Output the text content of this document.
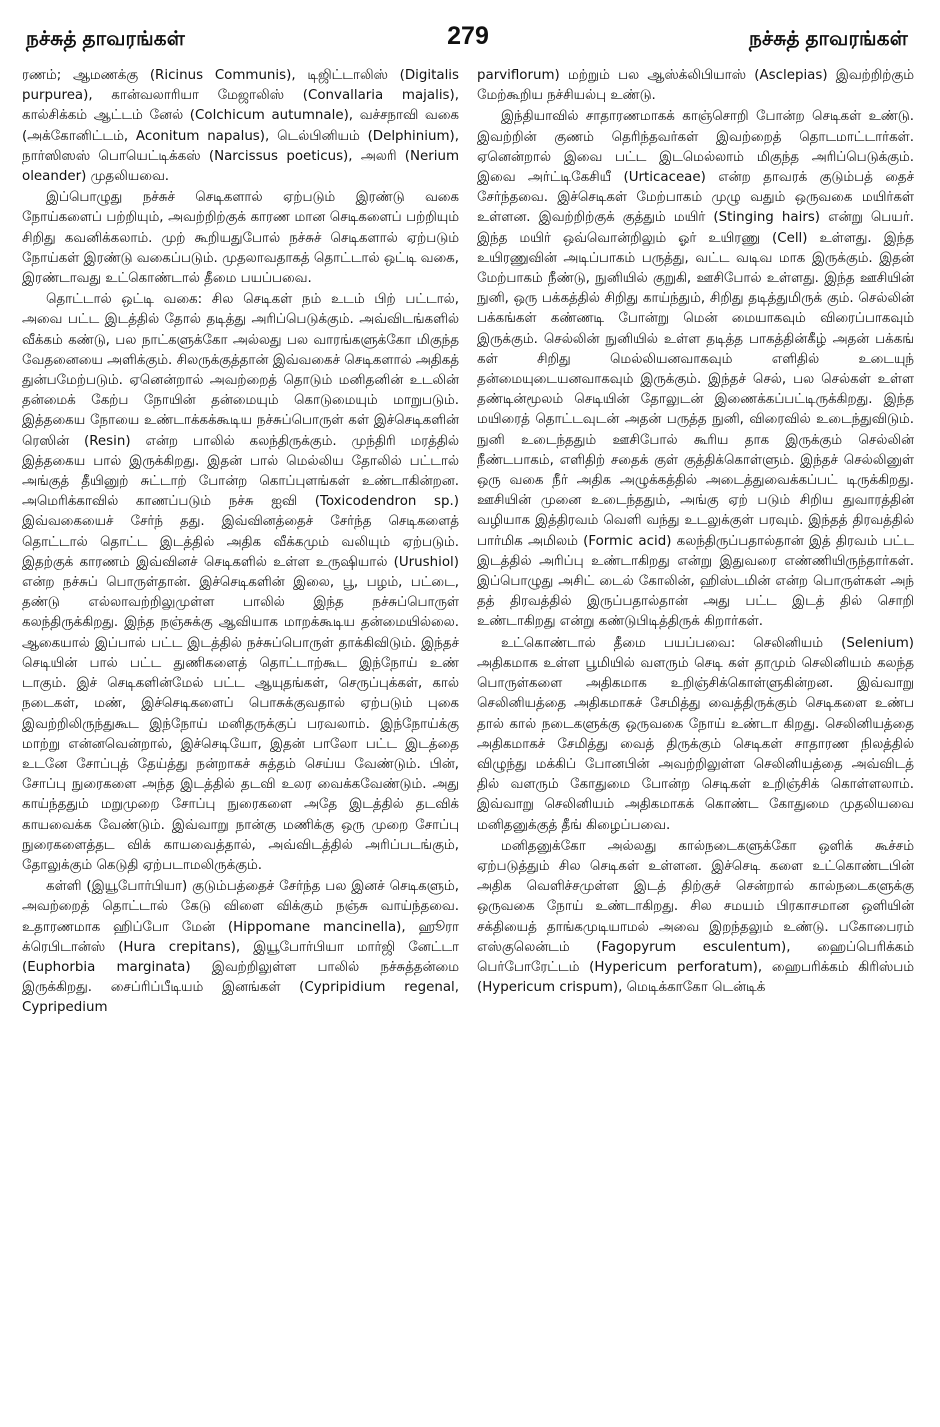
நச்சுத் தாவரங்கள்	279	நச்சுத் தாவரங்கள்

ரணம்; ஆமணக்கு (Ricinus Communis), டிஜிட்டாலிஸ் (Digitalis purpurea), கான்வலாரியா மேஜாலிஸ் (Convallaria majalis), கால்சிக்கம் ஆட்டம் னேல் (Colchicum autumnale), வச்சநாவி வகை (அக்கோனிட்டம், Aconitum napalus), டெல்பினியம் (Delphinium), நார்ஸிஸஸ் பொயெட்டிக்கஸ் (Narcissus poeticus), அலரி (Nerium oleander) முதலியவை.

இப்பொழுது நச்சுச் செடிகளால் ஏற்படும் இரண்டு வகை நோய்களைப் பற்றியும், அவற்றிற்குக் காரண மான செடிகளைப் பற்றியும் சிறிது கவனிக்கலாம். முற் கூறியதுபோல் நச்சுச் செடிகளால் ஏற்படும் நோய்கள் இரண்டு வகைப்படும். முதலாவதாகத் தொட்டால் ஒட்டி வகை, இரண்டாவது உட்கொண்டால் தீமை பயப்பவை.

தொட்டால் ஒட்டி வகை: சில செடிகள் நம் உடம் பிற் பட்டால், அவை பட்ட இடத்தில் தோல் தடித்து அரிப்பெடுக்கும். அவ்விடங்களில் வீக்கம் கண்டு, பல நாட்களுக்கோ அல்லது பல வாரங்களுக்கோ மிகுந்த வேதனையை அளிக்கும். சிலருக்குத்தான் இவ்வகைச் செடிகளால் அதிகத் துன்பமேற்படும். ஏனென்றால் அவற்றைத் தொடும் மனிதனின் உடலின் தன்மைக் கேற்ப நோயின் தன்மையும் கொடுமையும் மாறுபடும். இத்தகைய நோயை உண்டாக்கக்கூடிய நச்சுப்பொருள் கள் இச்செடிகளின் ரெஸின் (Resin) என்ற பாலில் கலந்திருக்கும். முந்திரி மரத்தில் இத்தகைய பால் இருக்கிறது. இதன் பால் மெல்லிய தோலில் பட்டால் அங்குத் தீயினுற் சுட்டாற் போன்ற கொப்புளங்கள் உண்டாகின்றன. அமெரிக்காவில் காணப்படும் நச்சு ஐவி (Toxicodendron sp.) இவ்வகையைச் சேர்ந் தது. இவ்வினத்தைச் சேர்ந்த செடிகளைத் தொட்டால் தொட்ட இடத்தில் அதிக வீக்கமும் வலியும் ஏற்படும். இதற்குக் காரணம் இவ்வினச் செடிகளில் உள்ள உருஷியால் (Urushiol) என்ற நச்சுப் பொருள்தான். இச்செடிகளின் இலை, பூ, பழம், பட்டை, தண்டு எல்லாவற்றிலுமுள்ள பாலில் இந்த நச்சுப்பொருள் கலந்திருக்கிறது. இந்த நஞ்சுக்கு ஆவியாக மாறக்கூடிய தன்மையில்லை. ஆகையால் இப்பால் பட்ட இடத்தில் நச்சுப்பொருள் தாக்கிவிடும். இந்தச் செடியின் பால் பட்ட துணிகளைத் தொட்டாற்கூட இந்நோய் உண் டாகும். இச் செடிகளின்மேல் பட்ட ஆயுதங்கள், செருப்புக்கள், கால் நடைகள், மண், இச்செடிகளைப் பொசுக்குவதால் ஏற்படும் புகை இவற்றிலிருந்துகூட இந்நோய் மனிதருக்குப் பரவலாம். இந்நோய்க்கு மாற்று என்னவென்றால், இச்செடியோ, இதன் பாலோ பட்ட இடத்தை உடனே சோப்புத் தேய்த்து நன்றாகச் சுத்தம் செய்ய வேண்டும். பின், சோப்பு நுரைகளை அந்த இடத்தில் தடவி உலர வைக்கவேண்டும். அது காய்ந்ததும் மறுமுறை சோப்பு நுரைகளை அதே இடத்தில் தடவிக் காயவைக்க வேண்டும். இவ்வாறு நான்கு மணிக்கு ஒரு முறை சோப்பு நுரைகளைத்தட விக் காயவைத்தால், அவ்விடத்தில் அரிப்படங்கும், தோலுக்கும் கெடுதி ஏற்படாமலிருக்கும்.

கள்ளி (இயூபோர்பியா) குடும்பத்தைச் சேர்ந்த பல இனச் செடிகளும், அவற்றைத் தொட்டால் கேடு விளை விக்கும் நஞ்சு வாய்ந்தவை. உதாரணமாக ஹிப்போ மேன் (Hippomane mancinella), ஹூரா க்ரெபிடான்ஸ் (Hura crepitans), இயூபோர்பியா மார்ஜி னேட்டா (Euphorbia marginata) இவற்றிலுள்ள பாலில் நச்சுத்தன்மை இருக்கிறது. சைப்ரிப்பீடியம் இனங்கள் (Cypripidium regenal, Cypripedium

parviflorum) மற்றும் பல ஆஸ்க்லிபியாஸ் (Asclepias) இவற்றிற்கும் மேற்கூறிய நச்சியல்பு உண்டு.

இந்தியாவில் சாதாரணமாகக் காஞ்சொறி போன்ற செடிகள் உண்டு. இவற்றின் குணம் தெரிந்தவர்கள் இவற்றைத் தொடமாட்டார்கள். ஏனென்றால் இவை பட்ட இடமெல்லாம் மிகுந்த அரிப்பெடுக்கும். இவை அர்ட்டிகேசியீ (Urticaceae) என்ற தாவரக் குடும்பத் தைச் சேர்ந்தவை. இச்செடிகள் மேற்பாகம் முழு வதும் ஒருவகை மயிர்கள் உள்ளன. இவற்றிற்குக் குத்தும் மயிர் (Stinging hairs) என்று பெயர். இந்த மயிர் ஒவ்வொன்றிலும் ஓர் உயிரணு (Cell) உள்ளது. இந்த உயிரணுவின் அடிப்பாகம் பருத்து, வட்ட வடிவ மாக இருக்கும். இதன் மேற்பாகம் நீண்டு, நுனியில் குறுகி, ஊசிபோல் உள்ளது. இந்த ஊசியின் நுனி, ஒரு பக்கத்தில் சிறிது காய்ந்தும், சிறிது தடித்துமிருக் கும். செல்லின் பக்கங்கள் கண்ணடி போன்று மென் மையாகவும் விரைப்பாகவும் இருக்கும். செல்லின் நுனியில் உள்ள தடித்த பாகத்தின்கீழ் அதன் பக்கங் கள் சிறிது மெல்லியனவாகவும் எளிதில் உடையுந் தன்மையுடையனவாகவும் இருக்கும். இந்தச் செல், பல செல்கள் உள்ள தண்டின்மூலம் செடியின் தோலுடன் இணைக்கப்பட்டிருக்கிறது. இந்த மயிரைத் தொட்டவுடன் அதன் பருத்த நுனி, விரைவில் உடைந்துவிடும். நுனி உடைந்ததும் ஊசிபோல் கூரிய தாக இருக்கும் செல்லின் நீண்டபாகம், எளிதிற் சதைக் குள் குத்திக்கொள்ளும். இந்தச் செல்லினுள் ஒரு வகை நீர் அதிக அழுக்கத்தில் அடைத்துவைக்கப்பட் டிருக்கிறது. ஊசியின் முனை உடைந்ததும், அங்கு ஏற் படும் சிறிய துவாரத்தின் வழியாக இத்திரவம் வெளி வந்து உடலுக்குள் பரவும். இந்தத் திரவத்தில் பார்மிக அமிலம் (Formic acid) கலந்திருப்பதால்தான் இத் திரவம் பட்ட இடத்தில் அரிப்பு உண்டாகிறது என்று இதுவரை எண்ணியிருந்தார்கள். இப்பொழுது அசிட் டைல் கோலின், ஹிஸ்டமின் என்ற பொருள்கள் அந் தத் திரவத்தில் இருப்பதால்தான் அது பட்ட இடத் தில் சொறி உண்டாகிறது என்று கண்டுபிடித்திருக் கிறார்கள்.

உட்கொண்டால் தீமை பயப்பவை: செலினியம் (Selenium) அதிகமாக உள்ள பூமியில் வளரும் செடி கள் தாமும் செலினியம் கலந்த பொருள்களை அதிகமாக உறிஞ்சிக்கொள்ளுகின்றன. இவ்வாறு செலினியத்தை அதிகமாகச் சேமித்து வைத்திருக்கும் செடிகளை உண்ப தால் கால் நடைகளுக்கு ஒருவகை நோய் உண்டா கிறது. செலினியத்தை அதிகமாகச் சேமித்து வைத் திருக்கும் செடிகள் சாதாரண நிலத்தில் விழுந்து மக்கிப் போனபின் அவற்றிலுள்ள செலினியத்தை அவ்விடத் தில் வளரும் கோதுமை போன்ற செடிகள் உறிஞ்சிக் கொள்ளலாம். இவ்வாறு செலினியம் அதிகமாகக் கொண்ட கோதுமை முதலியவை மனிதனுக்குத் தீங் கிழைப்பவை.

மனிதனுக்கோ அல்லது கால்நடைகளுக்கோ ஒளிக் கூச்சம் ஏற்படுத்தும் சில செடிகள் உள்ளன. இச்செடி களை உட்கொண்டபின் அதிக வெளிச்சமுள்ள இடத் திற்குச் சென்றால் கால்நடைகளுக்கு ஒருவகை நோய் உண்டாகிறது. சில சமயம் பிரகாசமான ஒளியின் சக்தியைத் தாங்கமுடியாமல் அவை இறந்தலும் உண்டு. பகோபைரம் எஸ்குலென்டம் (Fagopyrum esculentum), ஹைப்பெரிக்கம் பெர்போரேட்டம் (Hypericum perforatum), ஹைபரிக்கம் கிரிஸ்பம் (Hypericum crispum), மெடிக்காகோ டென்டிக்
